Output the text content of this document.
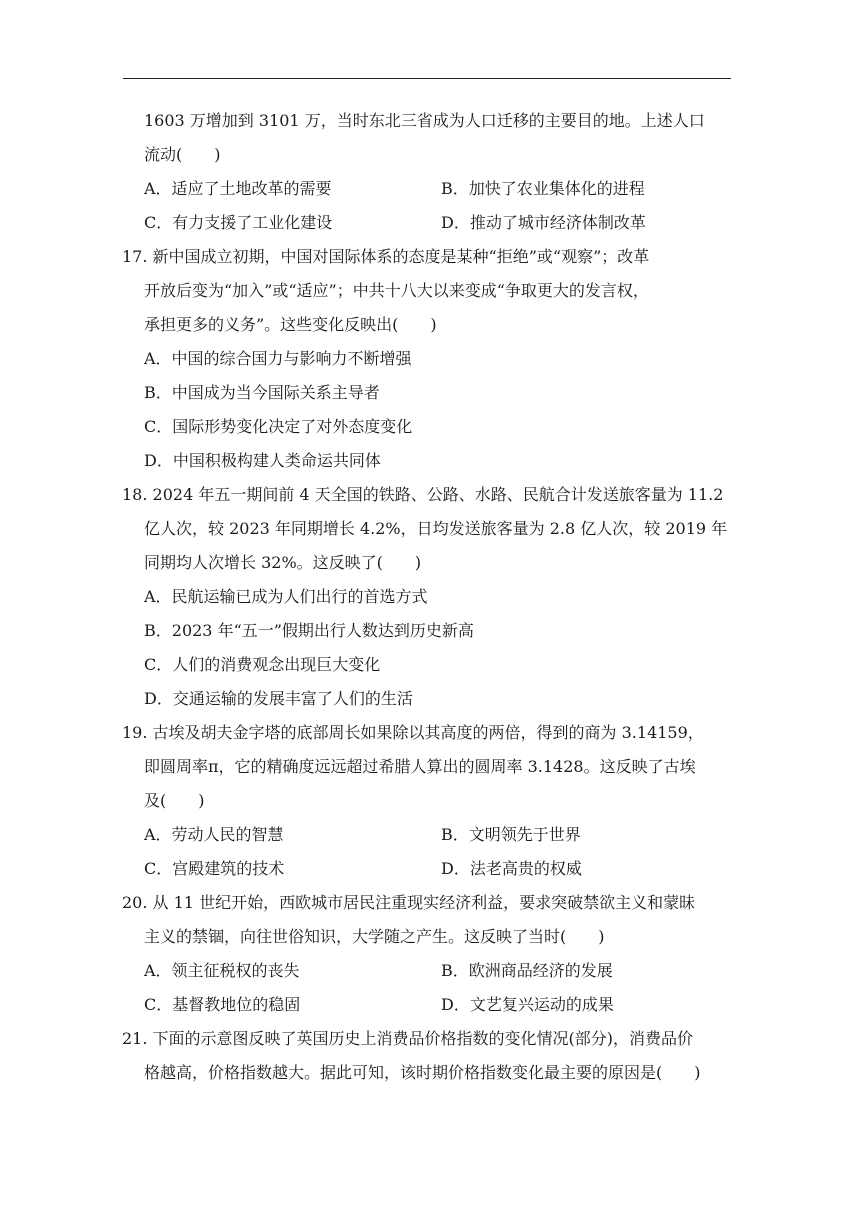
1603 万增加到 3101 万，当时东北三省成为人口迁移的主要目的地。上述人口
流动(　　)
A．适应了土地改革的需要	B．加快了农业集体化的进程
C．有力支援了工业化建设	D．推动了城市经济体制改革
17. 新中国成立初期，中国对国际体系的态度是某种“拒绝”或“观察”；改革
开放后变为“加入”或“适应”；中共十八大以来变成“争取更大的发言权，
承担更多的义务”。这些变化反映出(　　)
A．中国的综合国力与影响力不断增强
B．中国成为当今国际关系主导者
C．国际形势变化决定了对外态度变化
D．中国积极构建人类命运共同体
18. 2024 年五一期间前 4 天全国的铁路、公路、水路、民航合计发送旅客量为 11.2
亿人次，较 2023 年同期增长 4.2%，日均发送旅客量为 2.8 亿人次，较 2019 年
同期均人次增长 32%。这反映了(　　)
A．民航运输已成为人们出行的首选方式
B．2023 年“五一”假期出行人数达到历史新高
C．人们的消费观念出现巨大变化
D．交通运输的发展丰富了人们的生活
19. 古埃及胡夫金字塔的底部周长如果除以其高度的两倍，得到的商为 3.14159，
即圆周率π，它的精确度远远超过希腊人算出的圆周率 3.1428。这反映了古埃
及(　　)
A．劳动人民的智慧	B．文明领先于世界
C．宫殿建筑的技术	D．法老高贵的权威
20. 从 11 世纪开始，西欧城市居民注重现实经济利益，要求突破禁欲主义和蒙昧
主义的禁锢，向往世俗知识，大学随之产生。这反映了当时(　　)
A．领主征税权的丧失	B．欧洲商品经济的发展
C．基督教地位的稳固	D．文艺复兴运动的成果
21. 下面的示意图反映了英国历史上消费品价格指数的变化情况(部分)，消费品价
格越高，价格指数越大。据此可知，该时期价格指数变化最主要的原因是(　　)
